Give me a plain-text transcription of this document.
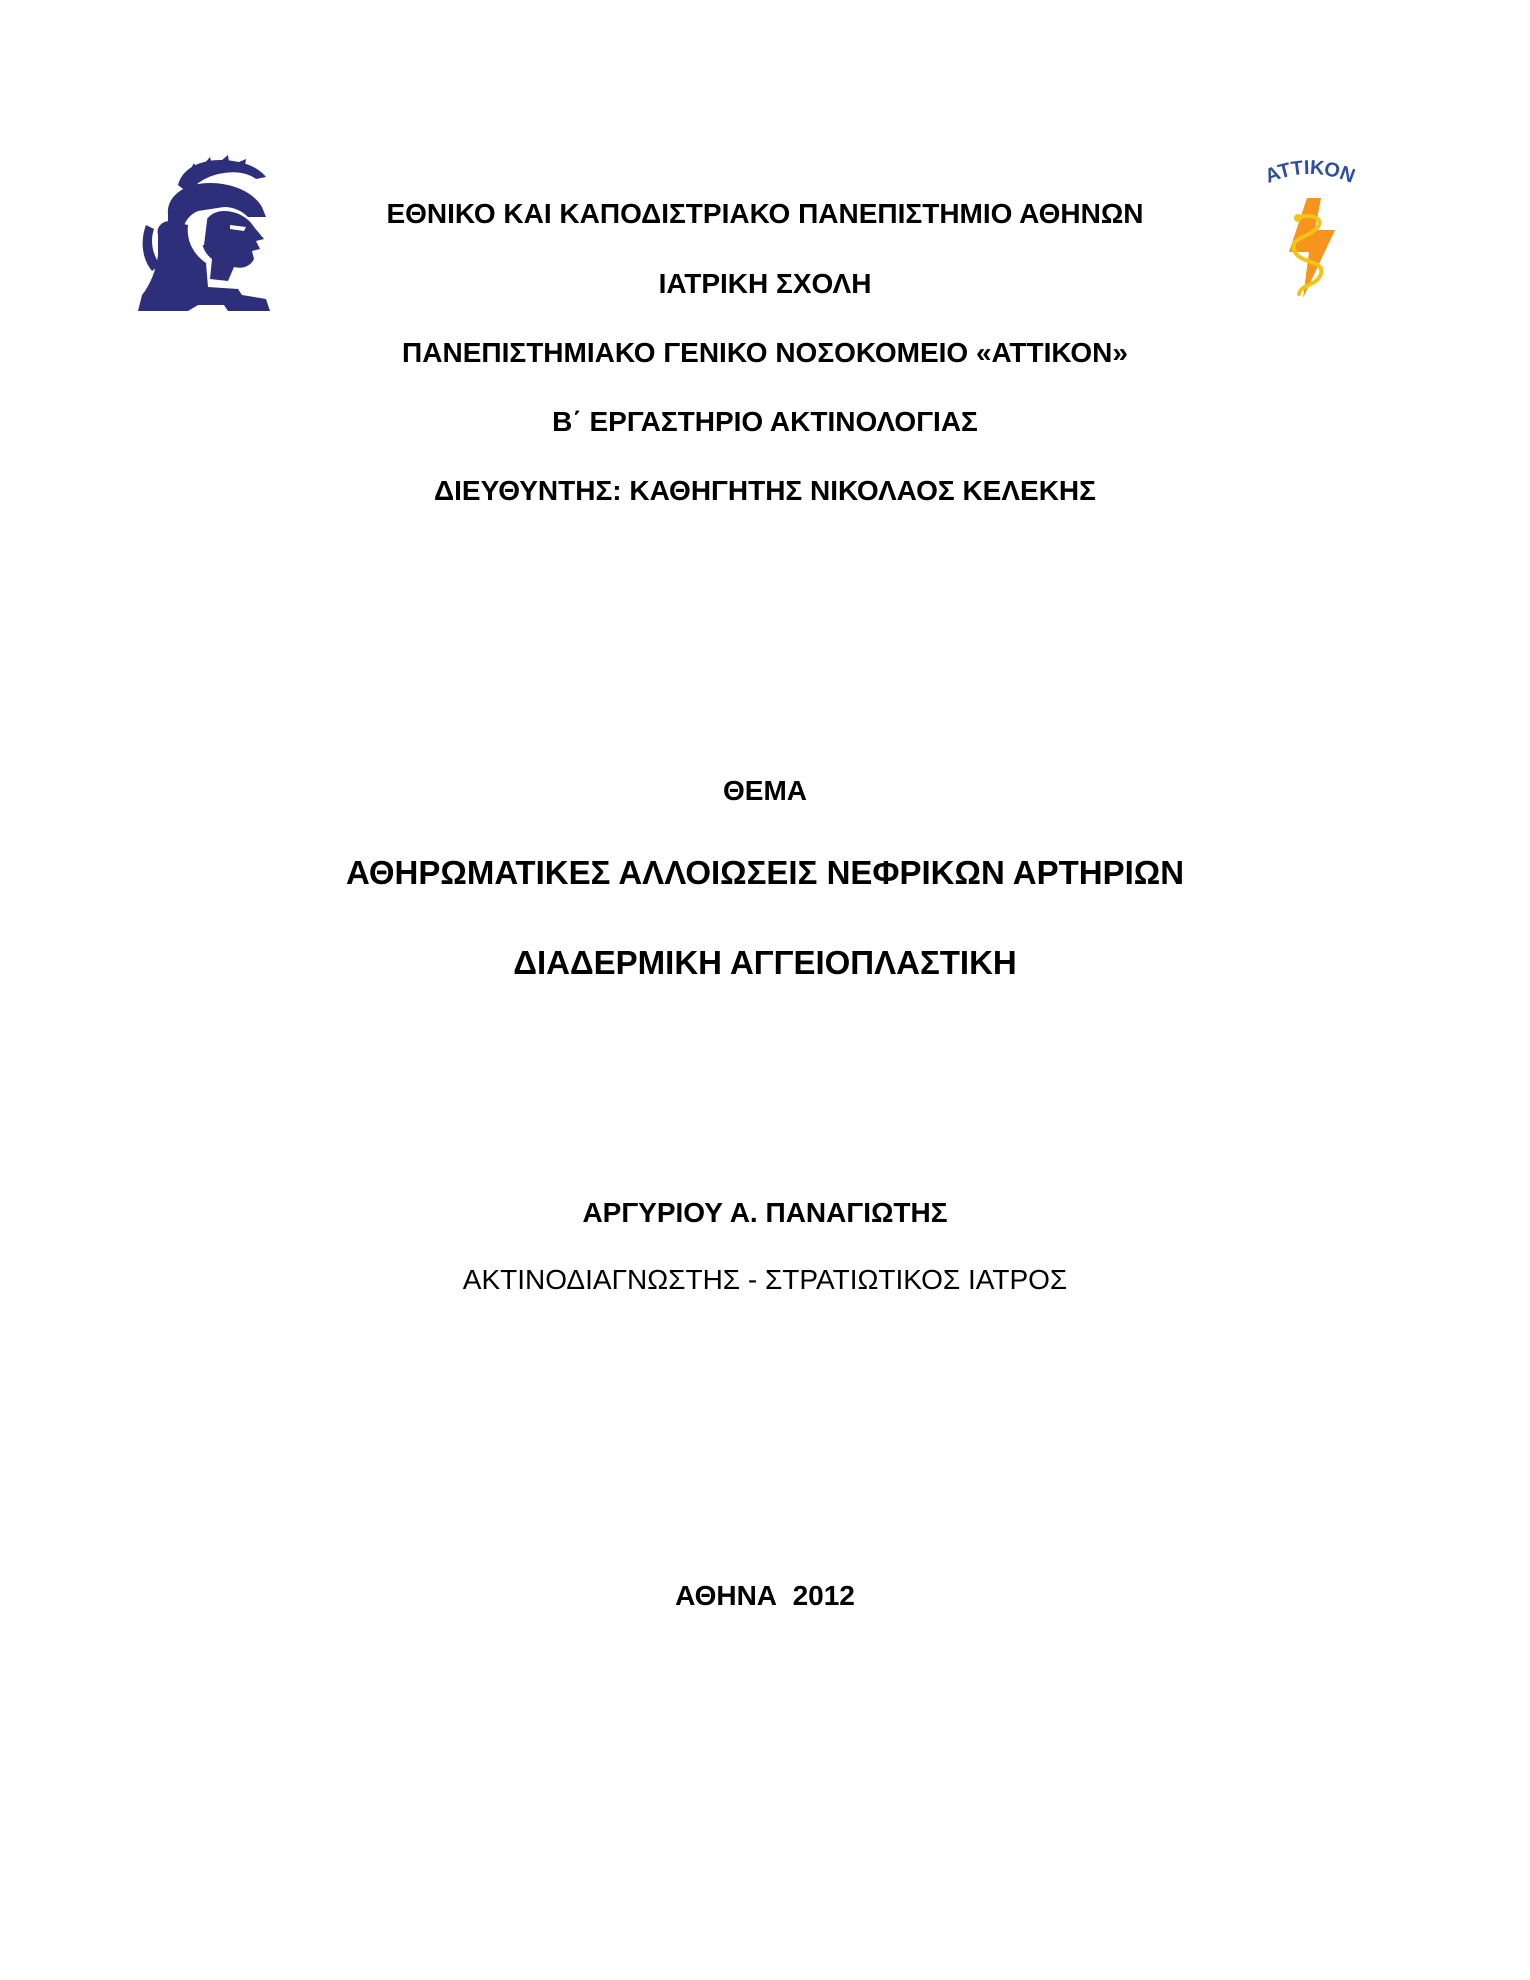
ΑΤΤΙΚΟΝ
ΕΘΝΙΚΟ ΚΑΙ ΚΑΠΟΔΙΣΤΡΙΑΚΟ ΠΑΝΕΠΙΣΤΗΜΙΟ ΑΘΗΝΩΝ
ΙΑΤΡΙΚΗ ΣΧΟΛΗ
ΠΑΝΕΠΙΣΤΗΜΙΑΚΟ ΓΕΝΙΚΟ ΝΟΣΟΚΟΜΕΙΟ «ΑΤΤΙΚΟΝ»
Β΄ ΕΡΓΑΣΤΗΡΙΟ ΑΚΤΙΝΟΛΟΓΙΑΣ
ΔΙΕΥΘΥΝΤΗΣ: ΚΑΘΗΓΗΤΗΣ ΝΙΚΟΛΑΟΣ ΚΕΛΕΚΗΣ
ΘΕΜΑ
ΑΘΗΡΩΜΑΤΙΚΕΣ ΑΛΛΟΙΩΣΕΙΣ ΝΕΦΡΙΚΩΝ ΑΡΤΗΡΙΩΝ
ΔΙΑΔΕΡΜΙΚΗ ΑΓΓΕΙΟΠΛΑΣΤΙΚΗ
ΑΡΓΥΡΙΟΥ Α. ΠΑΝΑΓΙΩΤΗΣ
ΑΚΤΙΝΟΔΙΑΓΝΩΣΤΗΣ - ΣΤΡΑΤΙΩΤΙΚΟΣ ΙΑΤΡΟΣ
ΑΘΗΝΑ  2012
